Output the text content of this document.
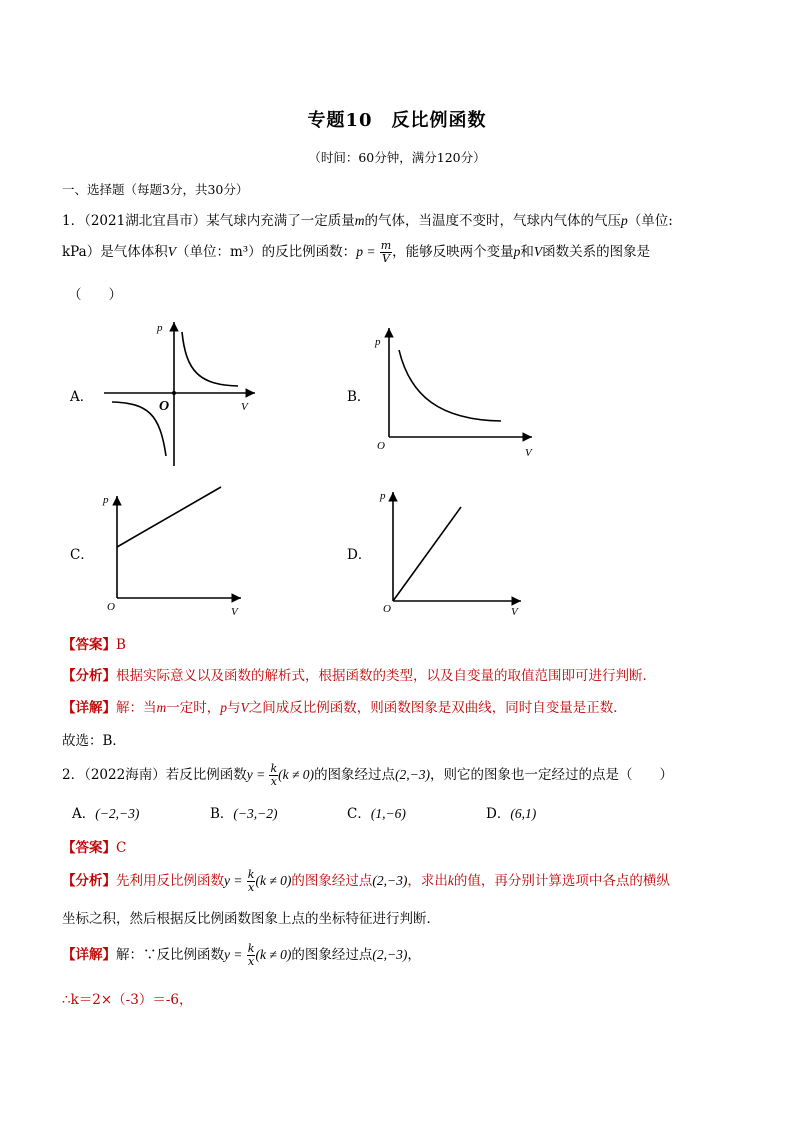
专题10　反比例函数
（时间：60分钟，满分120分）
一、选择题（每题3分，共30分）
1．（2021湖北宜昌市）某气球内充满了一定质量m的气体，当温度不变时，气球内气体的气压p（单位:
kPa）是气体体积V（单位：m³）的反比例函数：$p = \frac{m}{V}$ ，能够反映两个变量p和V函数关系的图象是
（　　）
A．	B．
C．	D．
p
V
O
p
V
O
p
V
O
p
V
O
【答案】B
【分析】根据实际意义以及函数的解析式，根据函数的类型，以及自变量的取值范围即可进行判断．
【详解】解：当m一定时，p与V之间成反比例函数，则函数图象是双曲线，同时自变量是正数．
故选：B．
2．（2022海南）若反比例函数$y = \frac{k}{x} (k \ne 0)$的图象经过点(2,−3)，则它的图象也一定经过的点是（　　）
A．(−2,−3)	B．(−3,−2)	C．(1,−6)	D．(6,1)
【答案】C
【分析】先利用反比例函数$y = \frac{k}{x} (k \ne 0)$的图象经过点(2,−3)，求出k的值，再分别计算选项中各点的横纵
坐标之积，然后根据反比例函数图象上点的坐标特征进行判断．
【详解】解：∵反比例函数$y = \frac{k}{x} (k \ne 0)$的图象经过点(2,−3)，
∴k＝2×（-3）＝-6，
